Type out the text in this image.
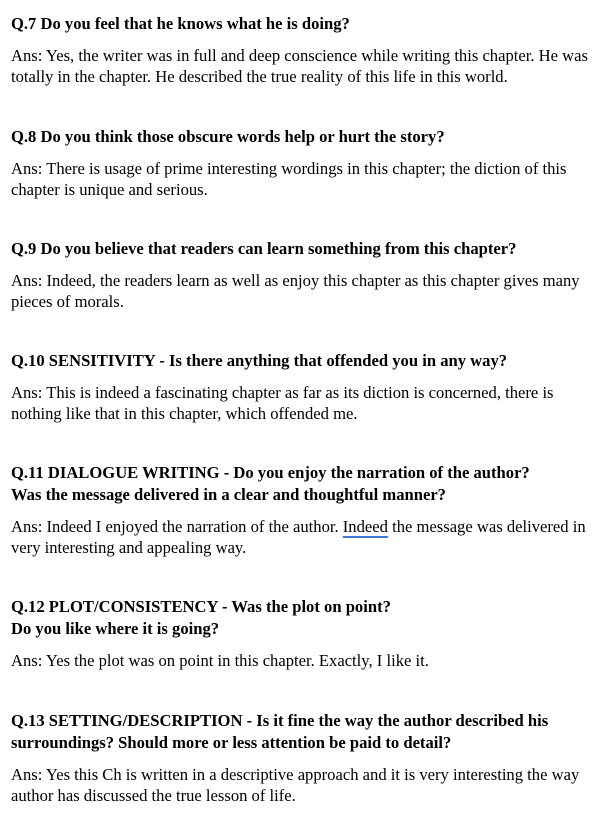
Q.7 Do you feel that he knows what he is doing?

Ans: Yes, the writer was in full and deep conscience while writing this chapter. He was totally in the chapter. He described the true reality of this life in this world.

Q.8 Do you think those obscure words help or hurt the story?

Ans: There is usage of prime interesting wordings in this chapter; the diction of this chapter is unique and serious.

Q.9 Do you believe that readers can learn something from this chapter?

Ans: Indeed, the readers learn as well as enjoy this chapter as this chapter gives many pieces of morals.

Q.10 SENSITIVITY - Is there anything that offended you in any way?

Ans: This is indeed a fascinating chapter as far as its diction is concerned, there is nothing like that in this chapter, which offended me.

Q.11 DIALOGUE WRITING - Do you enjoy the narration of the author?
Was the message delivered in a clear and thoughtful manner?

Ans: Indeed I enjoyed the narration of the author. Indeed the message was delivered in very interesting and appealing way.

Q.12 PLOT/CONSISTENCY - Was the plot on point?
Do you like where it is going?

Ans: Yes the plot was on point in this chapter. Exactly, I like it.

Q.13 SETTING/DESCRIPTION - Is it fine the way the author described his surroundings? Should more or less attention be paid to detail?

Ans: Yes this Ch is written in a descriptive approach and it is very interesting the way author has discussed the true lesson of life.
